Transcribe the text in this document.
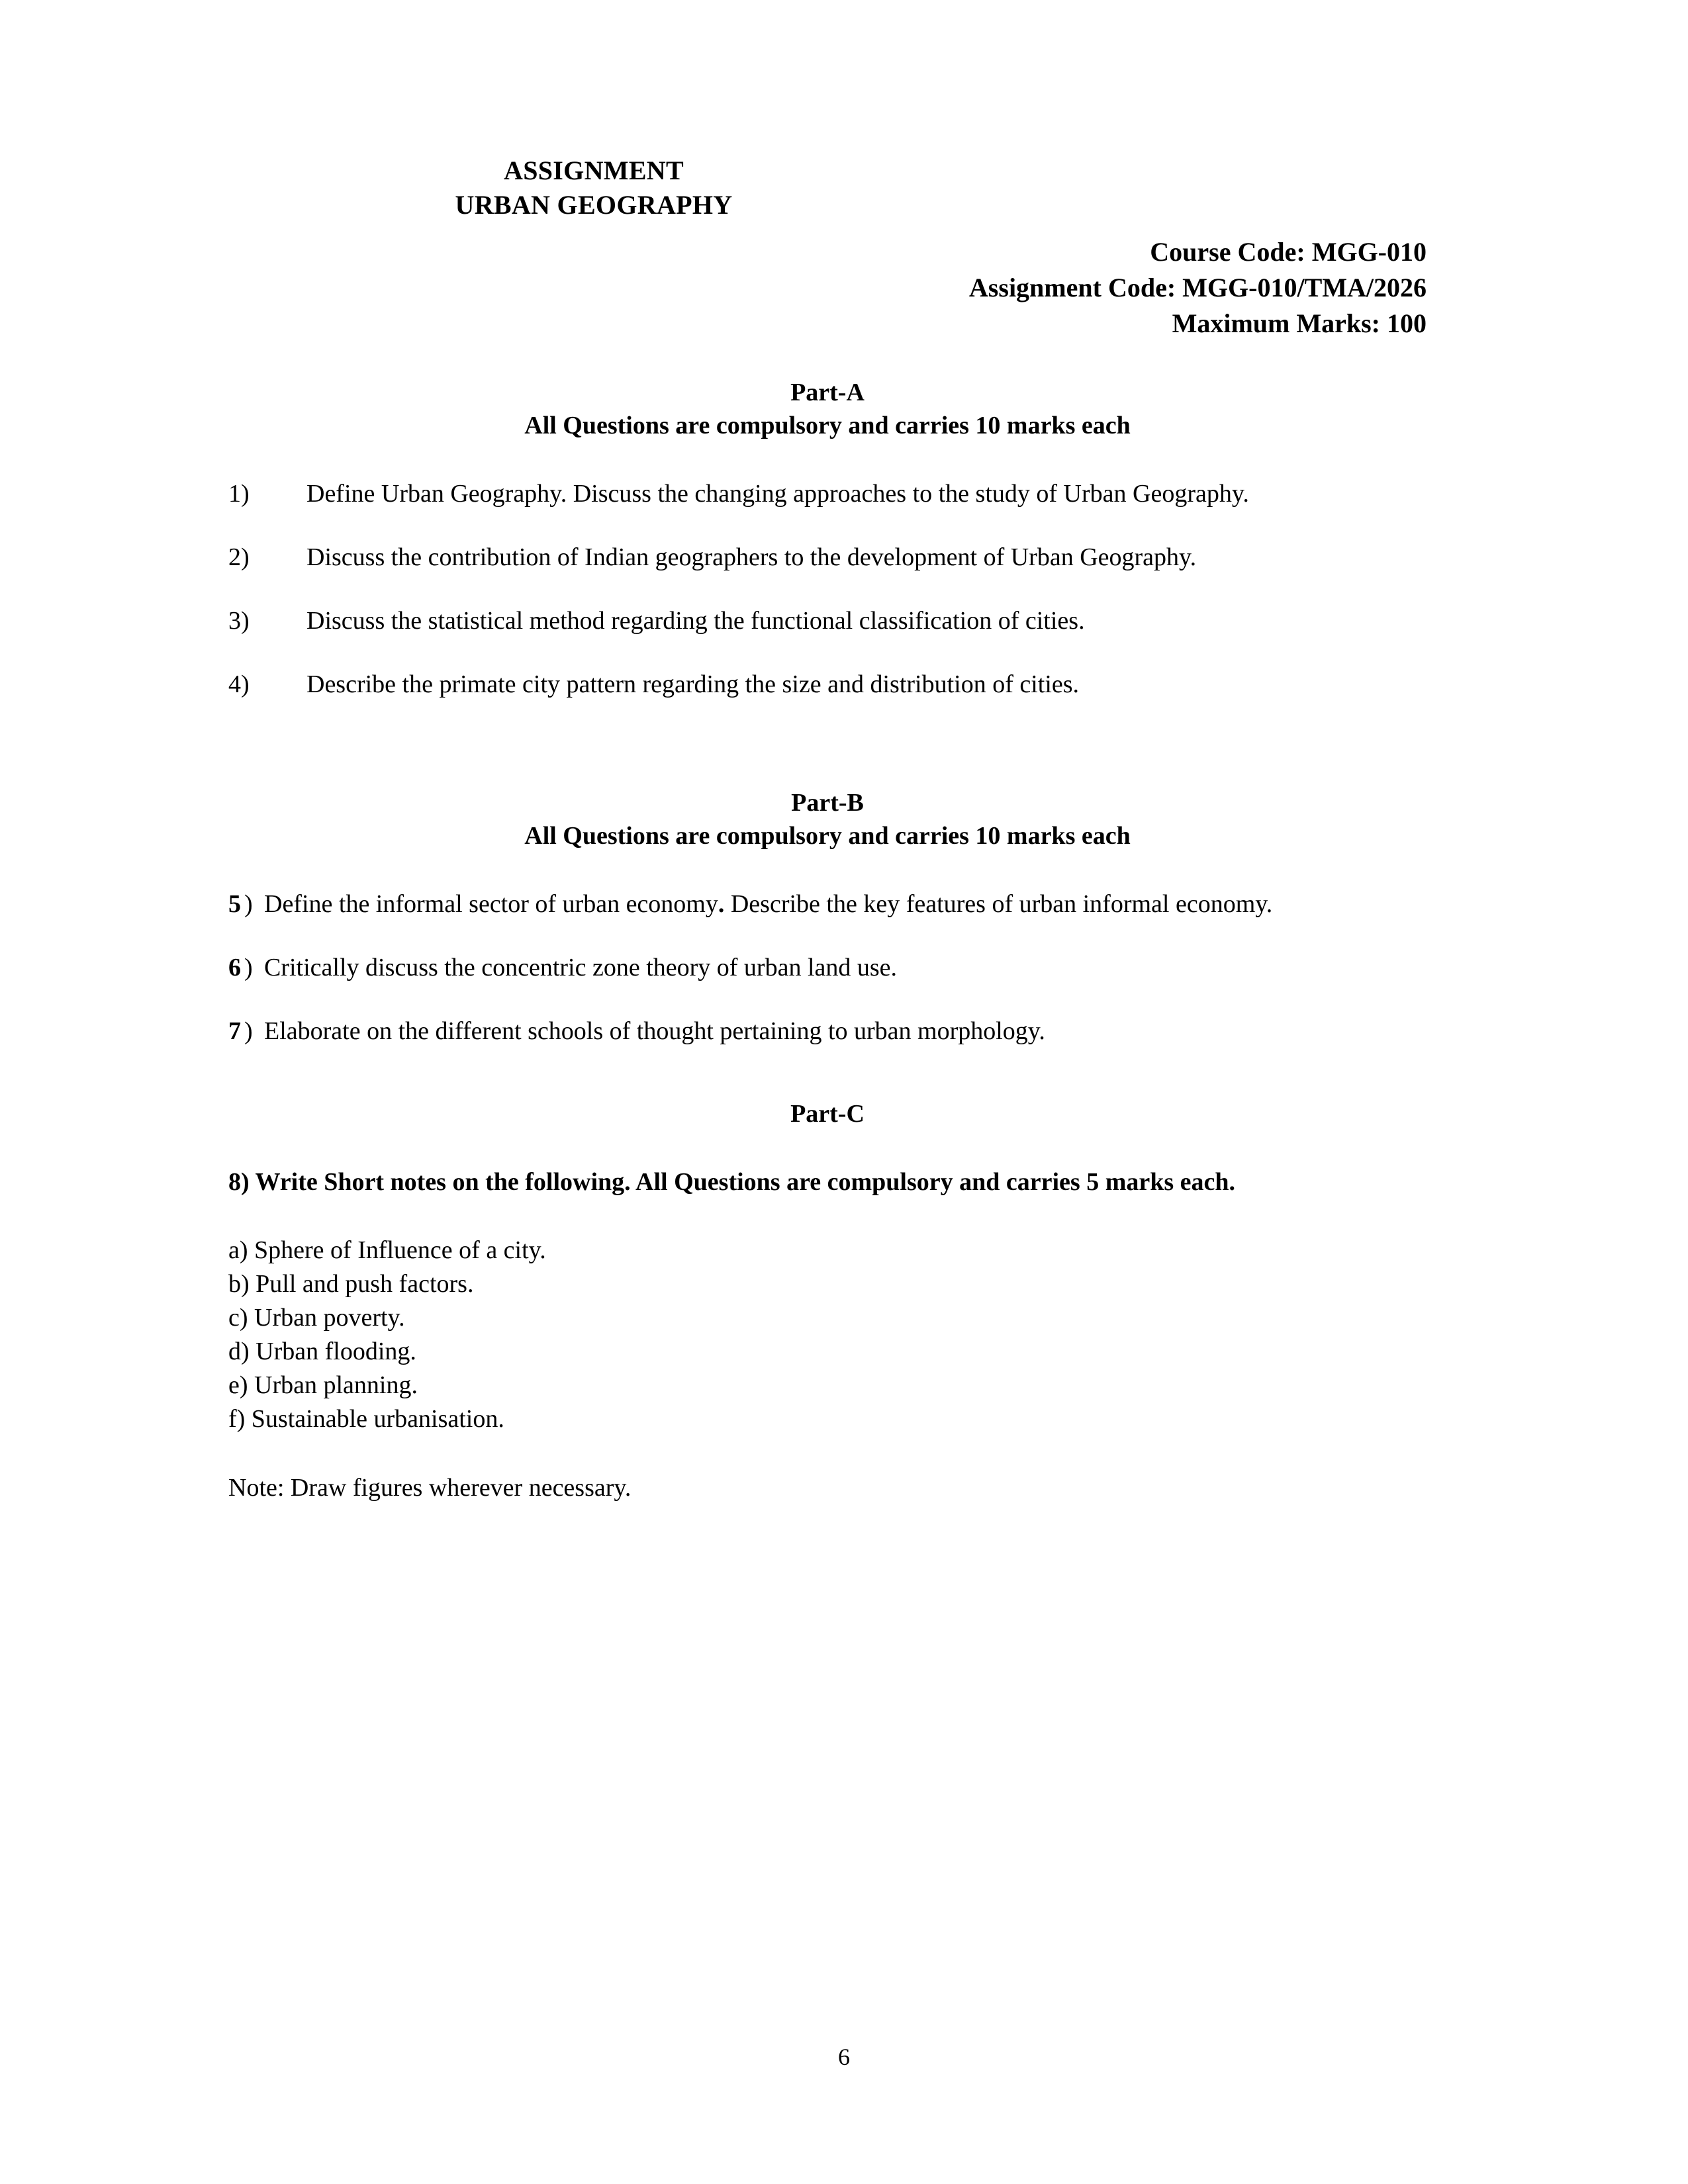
ASSIGNMENT
URBAN GEOGRAPHY
Course Code: MGG-010
Assignment Code: MGG-010/TMA/2026
Maximum Marks: 100
Part-A
All Questions are compulsory and carries 10 marks each
1) Define Urban Geography. Discuss the changing approaches to the study of Urban Geography.
2) Discuss the contribution of Indian geographers to the development of Urban Geography.
3) Discuss the statistical method regarding the functional classification of cities.
4) Describe the primate city pattern regarding the size and distribution of cities.
Part-B
All Questions are compulsory and carries 10 marks each
5 ) Define the informal sector of urban economy. Describe the key features of urban informal economy.
6 ) Critically discuss the concentric zone theory of urban land use.
7 ) Elaborate on the different schools of thought pertaining to urban morphology.
Part-C
8) Write Short notes on the following. All Questions are compulsory and carries 5 marks each.
a) Sphere of Influence of a city.
b) Pull and push factors.
c) Urban poverty.
d) Urban flooding.
e) Urban planning.
f) Sustainable urbanisation.
Note: Draw figures wherever necessary.
6
